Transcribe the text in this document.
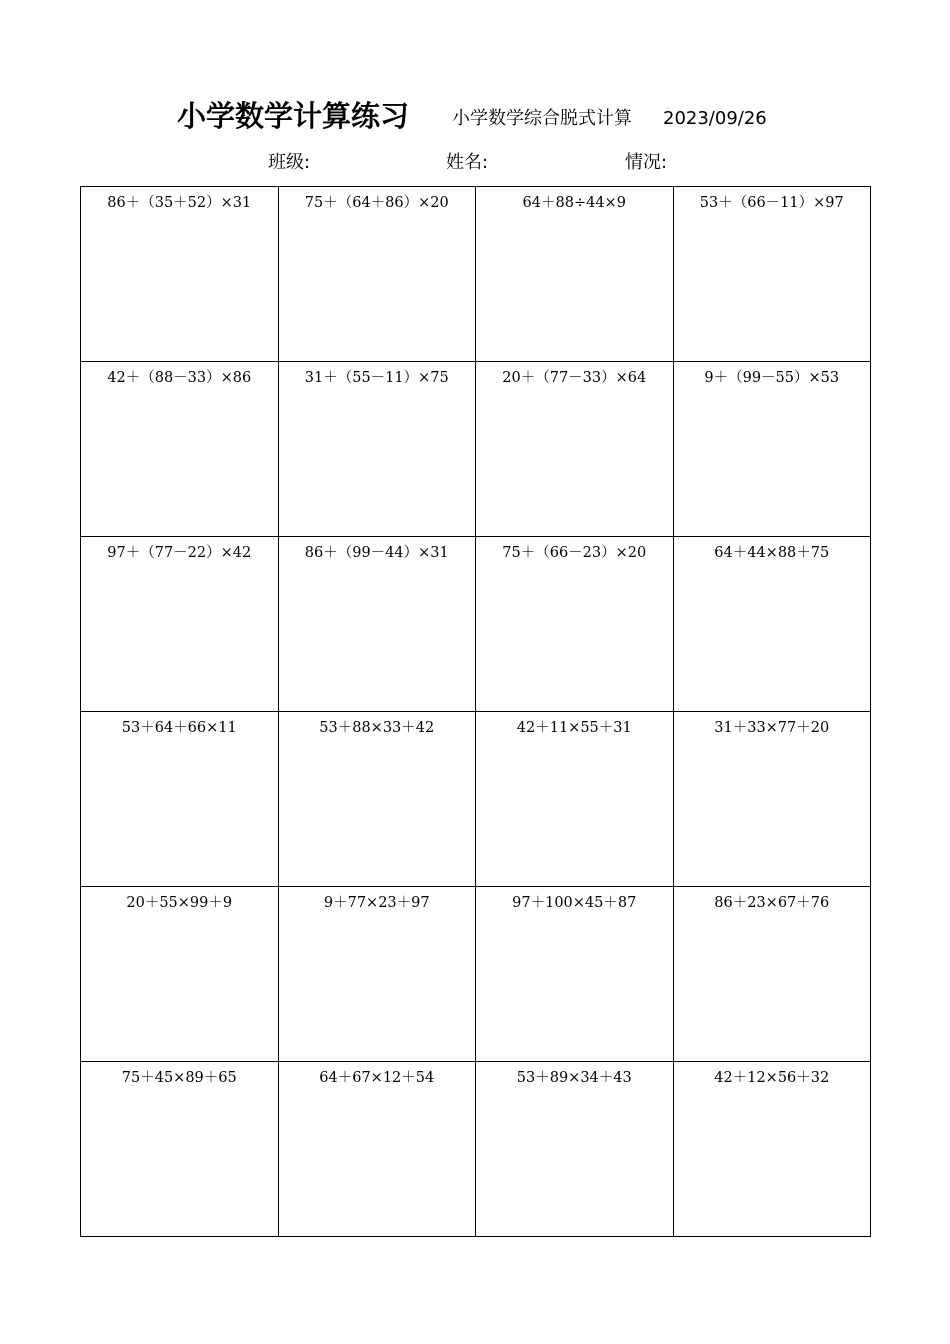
小学数学计算练习 小学数学综合脱式计算 2023/09/26
班级:	姓名:	情况:
86＋（35＋52）×31	75＋（64＋86）×20	64＋88÷44×9	53＋（66－11）×97

42＋（88－33）×86	31＋（55－11）×75	20＋（77－33）×64	9＋（99－55）×53

97＋（77－22）×42	86＋（99－44）×31	75＋（66－23）×20	64＋44×88＋75

53＋64＋66×11	53＋88×33＋42	42＋11×55＋31	31＋33×77＋20

20＋55×99＋9	9＋77×23＋97	97＋100×45＋87	86＋23×67＋76

75＋45×89＋65	64＋67×12＋54	53＋89×34＋43	42＋12×56＋32
